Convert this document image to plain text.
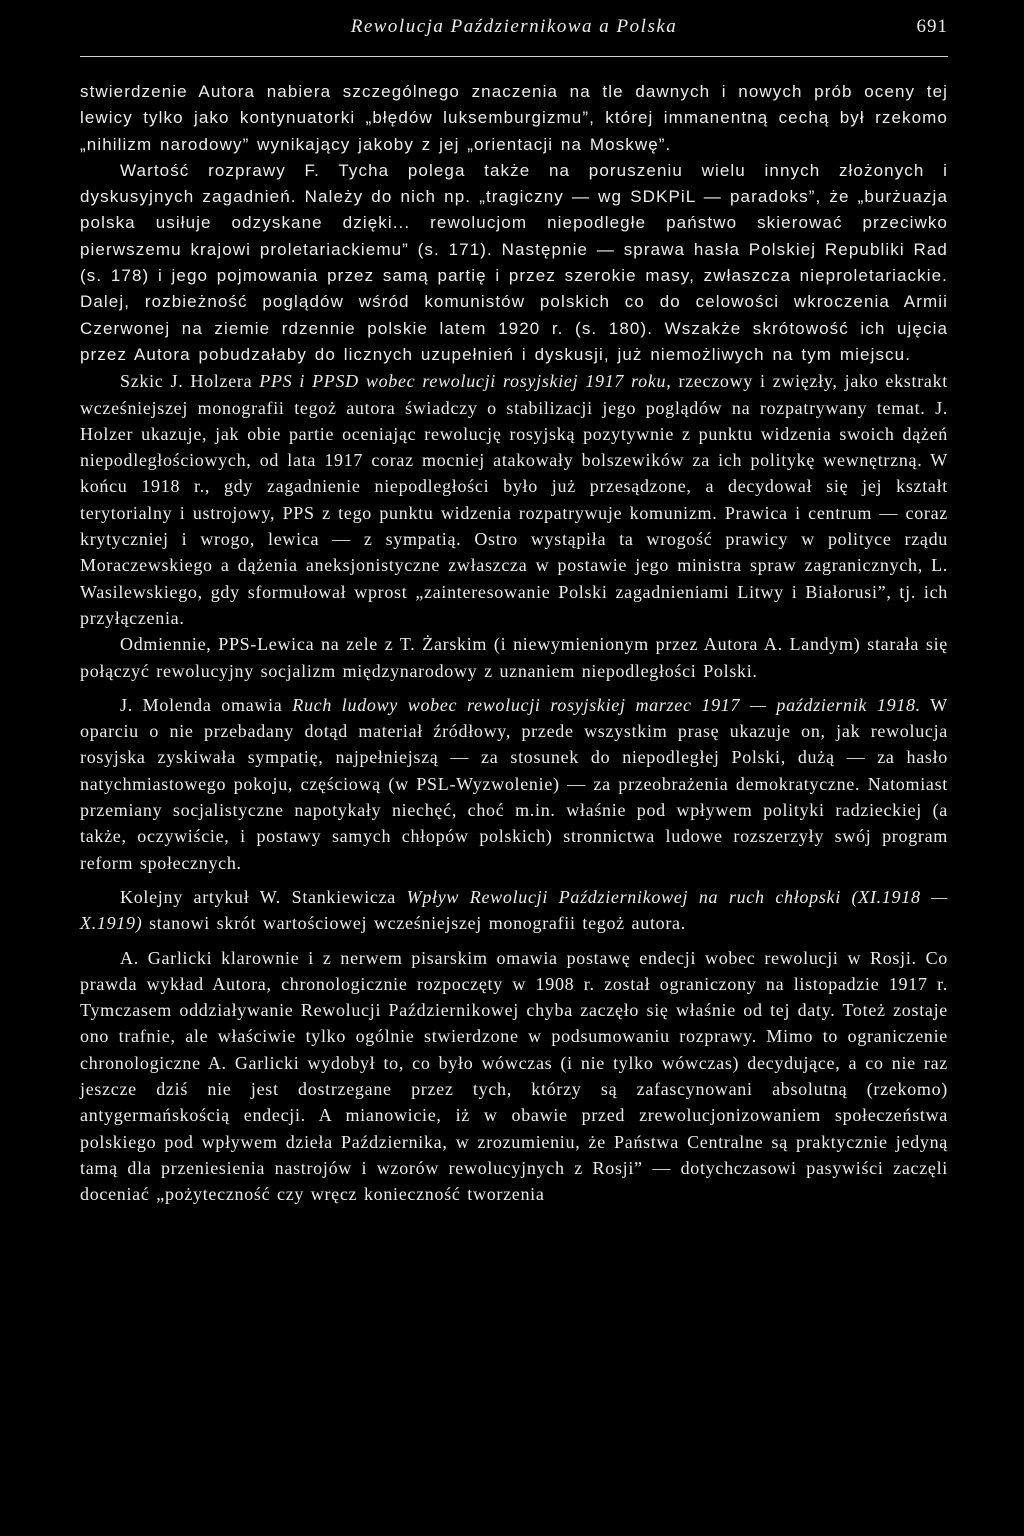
Rewolucja Październikowa a Polska	691

stwierdzenie Autora nabiera szczególnego znaczenia na tle dawnych i nowych prób oceny tej lewicy tylko jako kontynuatorki „błędów luksemburgizmu”, której immanentną cechą był rzekomo „nihilizm narodowy” wynikający jakoby z jej „orientacji na Moskwę”.

Wartość rozprawy F. Tycha polega także na poruszeniu wielu innych złożonych i dyskusyjnych zagadnień. Należy do nich np. „tragiczny — wg SDKPiL — paradoks”, że „burżuazja polska usiłuje odzyskane dzięki... rewolucjom niepodległe państwo skierować przeciwko pierwszemu krajowi proletariackiemu” (s. 171). Następnie — sprawa hasła Polskiej Republiki Rad (s. 178) i jego pojmowania przez samą partię i przez szerokie masy, zwłaszcza nieproletariackie. Dalej, rozbieżność poglądów wśród komunistów polskich co do celowości wkroczenia Armii Czerwonej na ziemie rdzennie polskie latem 1920 r. (s. 180). Wszakże skrótowość ich ujęcia przez Autora pobudzałaby do licznych uzupełnień i dyskusji, już niemożliwych na tym miejscu.

Szkic J. Holzera PPS i PPSD wobec rewolucji rosyjskiej 1917 roku, rzeczowy i zwięzły, jako ekstrakt wcześniejszej monografii tegoż autora świadczy o stabilizacji jego poglądów na rozpatrywany temat. J. Holzer ukazuje, jak obie partie oceniając rewolucję rosyjską pozytywnie z punktu widzenia swoich dążeń niepodległościowych, od lata 1917 coraz mocniej atakowały bolszewików za ich politykę wewnętrzną. W końcu 1918 r., gdy zagadnienie niepodległości było już przesądzone, a decydował się jej kształt terytorialny i ustrojowy, PPS z tego punktu widzenia rozpatrywuje komunizm. Prawica i centrum — coraz krytyczniej i wrogo, lewica — z sympatią. Ostro wystąpiła ta wrogość prawicy w polityce rządu Moraczewskiego a dążenia aneksjonistyczne zwłaszcza w postawie jego ministra spraw zagranicznych, L. Wasilewskiego, gdy sformułował wprost „zainteresowanie Polski zagadnieniami Litwy i Białorusi”, tj. ich przyłączenia.

Odmiennie, PPS-Lewica na zele z T. Żarskim (i niewymienionym przez Autora A. Landym) starała się połączyć rewolucyjny socjalizm międzynarodowy z uznaniem niepodległości Polski.

J. Molenda omawia Ruch ludowy wobec rewolucji rosyjskiej marzec 1917 — październik 1918. W oparciu o nie przebadany dotąd materiał źródłowy, przede wszystkim prasę ukazuje on, jak rewolucja rosyjska zyskiwała sympatię, najpełniejszą — za stosunek do niepodległej Polski, dużą — za hasło natychmiastowego pokoju, częściową (w PSL-Wyzwolenie) — za przeobrażenia demokratyczne. Natomiast przemiany socjalistyczne napotykały niechęć, choć m.in. właśnie pod wpływem polityki radzieckiej (a także, oczywiście, i postawy samych chłopów polskich) stronnictwa ludowe rozszerzyły swój program reform społecznych.

Kolejny artykuł W. Stankiewicza Wpływ Rewolucji Październikowej na ruch chłopski (XI.1918 — X.1919) stanowi skrót wartościowej wcześniejszej monografii tegoż autora.

A. Garlicki klarownie i z nerwem pisarskim omawia postawę endecji wobec rewolucji w Rosji. Co prawda wykład Autora, chronologicznie rozpoczęty w 1908 r. został ograniczony na listopadzie 1917 r. Tymczasem oddziaływanie Rewolucji Październikowej chyba zaczęło się właśnie od tej daty. Toteż zostaje ono trafnie, ale właściwie tylko ogólnie stwierdzone w podsumowaniu rozprawy. Mimo to ograniczenie chronologiczne A. Garlicki wydobył to, co było wówczas (i nie tylko wówczas) decydujące, a co nie raz jeszcze dziś nie jest dostrzegane przez tych, którzy są zafascynowani absolutną (rzekomo) antygermańskością endecji. A mianowicie, iż w obawie przed zrewolucjonizowaniem społeczeństwa polskiego pod wpływem dzieła Października, w zrozumieniu, że Państwa Centralne są praktycznie jedyną tamą dla przeniesienia nastrojów i wzorów rewolucyjnych z Rosji” — dotychczasowi pasywiści zaczęli doceniać „pożyteczność czy wręcz konieczność tworzenia
